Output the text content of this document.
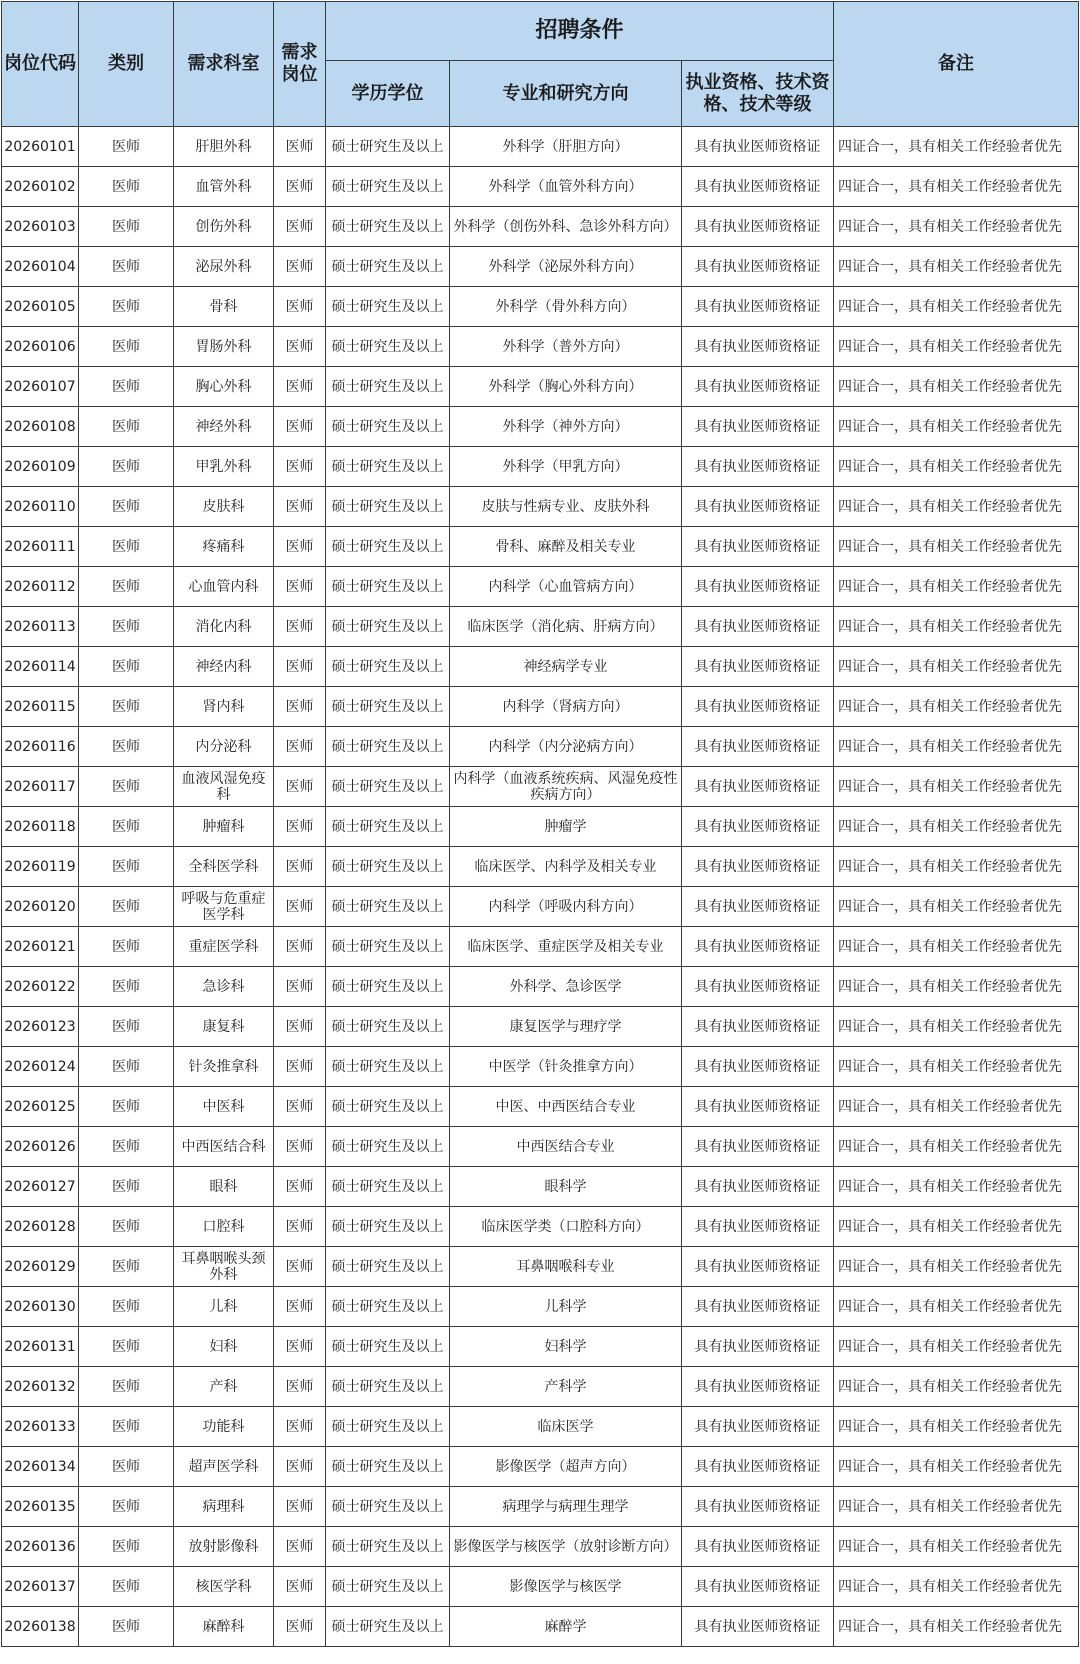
岗位代码	类别	需求科室	需求岗位	招聘条件			备注
				学历学位	专业和研究方向	执业资格、技术资格、技术等级	
20260101	医师	肝胆外科	医师	硕士研究生及以上	外科学（肝胆方向）	具有执业医师资格证	四证合一，具有相关工作经验者优先
20260102	医师	血管外科	医师	硕士研究生及以上	外科学（血管外科方向）	具有执业医师资格证	四证合一，具有相关工作经验者优先
20260103	医师	创伤外科	医师	硕士研究生及以上	外科学（创伤外科、急诊外科方向）	具有执业医师资格证	四证合一，具有相关工作经验者优先
20260104	医师	泌尿外科	医师	硕士研究生及以上	外科学（泌尿外科方向）	具有执业医师资格证	四证合一，具有相关工作经验者优先
20260105	医师	骨科	医师	硕士研究生及以上	外科学（骨外科方向）	具有执业医师资格证	四证合一，具有相关工作经验者优先
20260106	医师	胃肠外科	医师	硕士研究生及以上	外科学（普外方向）	具有执业医师资格证	四证合一，具有相关工作经验者优先
20260107	医师	胸心外科	医师	硕士研究生及以上	外科学（胸心外科方向）	具有执业医师资格证	四证合一，具有相关工作经验者优先
20260108	医师	神经外科	医师	硕士研究生及以上	外科学（神外方向）	具有执业医师资格证	四证合一，具有相关工作经验者优先
20260109	医师	甲乳外科	医师	硕士研究生及以上	外科学（甲乳方向）	具有执业医师资格证	四证合一，具有相关工作经验者优先
20260110	医师	皮肤科	医师	硕士研究生及以上	皮肤与性病专业、皮肤外科	具有执业医师资格证	四证合一，具有相关工作经验者优先
20260111	医师	疼痛科	医师	硕士研究生及以上	骨科、麻醉及相关专业	具有执业医师资格证	四证合一，具有相关工作经验者优先
20260112	医师	心血管内科	医师	硕士研究生及以上	内科学（心血管病方向）	具有执业医师资格证	四证合一，具有相关工作经验者优先
20260113	医师	消化内科	医师	硕士研究生及以上	临床医学（消化病、肝病方向）	具有执业医师资格证	四证合一，具有相关工作经验者优先
20260114	医师	神经内科	医师	硕士研究生及以上	神经病学专业	具有执业医师资格证	四证合一，具有相关工作经验者优先
20260115	医师	肾内科	医师	硕士研究生及以上	内科学（肾病方向）	具有执业医师资格证	四证合一，具有相关工作经验者优先
20260116	医师	内分泌科	医师	硕士研究生及以上	内科学（内分泌病方向）	具有执业医师资格证	四证合一，具有相关工作经验者优先
20260117	医师	血液风湿免疫科	医师	硕士研究生及以上	内科学（血液系统疾病、风湿免疫性疾病方向）	具有执业医师资格证	四证合一，具有相关工作经验者优先
20260118	医师	肿瘤科	医师	硕士研究生及以上	肿瘤学	具有执业医师资格证	四证合一，具有相关工作经验者优先
20260119	医师	全科医学科	医师	硕士研究生及以上	临床医学、内科学及相关专业	具有执业医师资格证	四证合一，具有相关工作经验者优先
20260120	医师	呼吸与危重症医学科	医师	硕士研究生及以上	内科学（呼吸内科方向）	具有执业医师资格证	四证合一，具有相关工作经验者优先
20260121	医师	重症医学科	医师	硕士研究生及以上	临床医学、重症医学及相关专业	具有执业医师资格证	四证合一，具有相关工作经验者优先
20260122	医师	急诊科	医师	硕士研究生及以上	外科学、急诊医学	具有执业医师资格证	四证合一，具有相关工作经验者优先
20260123	医师	康复科	医师	硕士研究生及以上	康复医学与理疗学	具有执业医师资格证	四证合一，具有相关工作经验者优先
20260124	医师	针灸推拿科	医师	硕士研究生及以上	中医学（针灸推拿方向）	具有执业医师资格证	四证合一，具有相关工作经验者优先
20260125	医师	中医科	医师	硕士研究生及以上	中医、中西医结合专业	具有执业医师资格证	四证合一，具有相关工作经验者优先
20260126	医师	中西医结合科	医师	硕士研究生及以上	中西医结合专业	具有执业医师资格证	四证合一，具有相关工作经验者优先
20260127	医师	眼科	医师	硕士研究生及以上	眼科学	具有执业医师资格证	四证合一，具有相关工作经验者优先
20260128	医师	口腔科	医师	硕士研究生及以上	临床医学类（口腔科方向）	具有执业医师资格证	四证合一，具有相关工作经验者优先
20260129	医师	耳鼻咽喉头颈外科	医师	硕士研究生及以上	耳鼻咽喉科专业	具有执业医师资格证	四证合一，具有相关工作经验者优先
20260130	医师	儿科	医师	硕士研究生及以上	儿科学	具有执业医师资格证	四证合一，具有相关工作经验者优先
20260131	医师	妇科	医师	硕士研究生及以上	妇科学	具有执业医师资格证	四证合一，具有相关工作经验者优先
20260132	医师	产科	医师	硕士研究生及以上	产科学	具有执业医师资格证	四证合一，具有相关工作经验者优先
20260133	医师	功能科	医师	硕士研究生及以上	临床医学	具有执业医师资格证	四证合一，具有相关工作经验者优先
20260134	医师	超声医学科	医师	硕士研究生及以上	影像医学（超声方向）	具有执业医师资格证	四证合一，具有相关工作经验者优先
20260135	医师	病理科	医师	硕士研究生及以上	病理学与病理生理学	具有执业医师资格证	四证合一，具有相关工作经验者优先
20260136	医师	放射影像科	医师	硕士研究生及以上	影像医学与核医学（放射诊断方向）	具有执业医师资格证	四证合一，具有相关工作经验者优先
20260137	医师	核医学科	医师	硕士研究生及以上	影像医学与核医学	具有执业医师资格证	四证合一，具有相关工作经验者优先
20260138	医师	麻醉科	医师	硕士研究生及以上	麻醉学	具有执业医师资格证	四证合一，具有相关工作经验者优先
